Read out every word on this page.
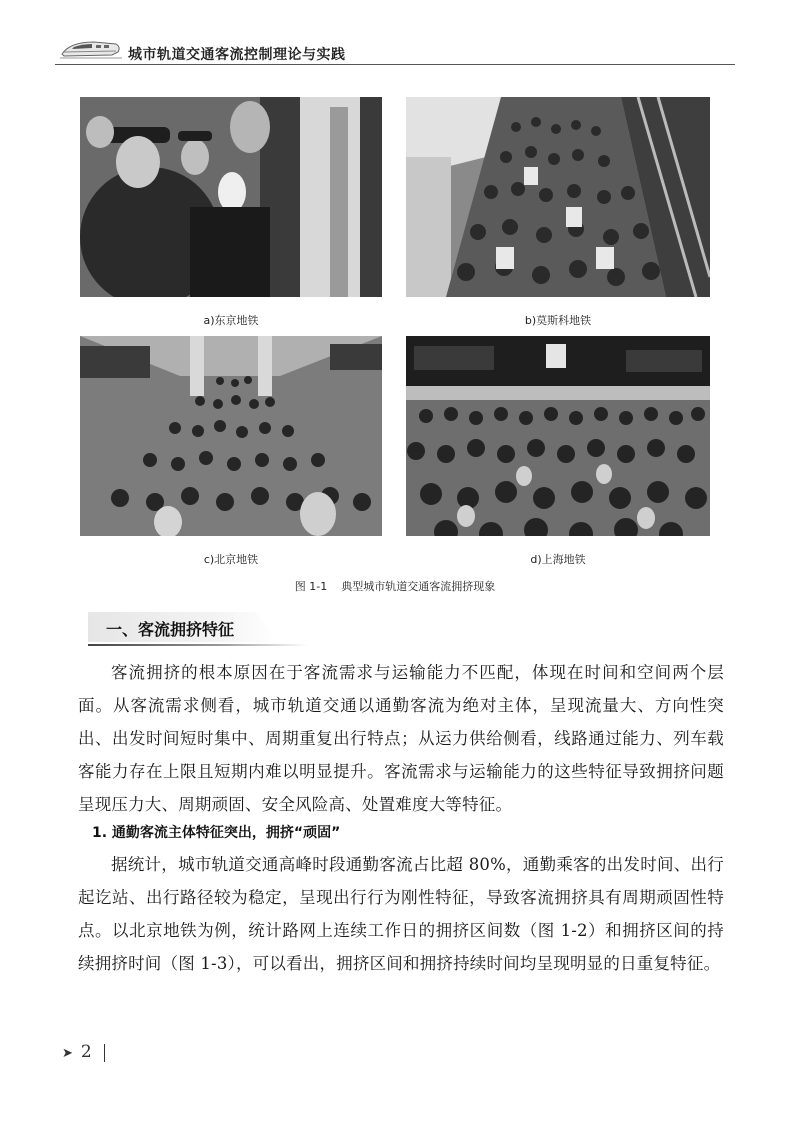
城市轨道交通客流控制理论与实践
a)东京地铁	b)莫斯科地铁
c)北京地铁	d)上海地铁
图 1-1 典型城市轨道交通客流拥挤现象
一、客流拥挤特征
客流拥挤的根本原因在于客流需求与运输能力不匹配，体现在时间和空间两个层面。从客流需求侧看，城市轨道交通以通勤客流为绝对主体，呈现流量大、方向性突出、出发时间短时集中、周期重复出行特点；从运力供给侧看，线路通过能力、列车载客能力存在上限且短期内难以明显提升。客流需求与运输能力的这些特征导致拥挤问题呈现压力大、周期顽固、安全风险高、处置难度大等特征。
1. 通勤客流主体特征突出，拥挤“顽固”
据统计，城市轨道交通高峰时段通勤客流占比超 80%，通勤乘客的出发时间、出行起讫站、出行路径较为稳定，呈现出行行为刚性特征，导致客流拥挤具有周期顽固性特点。以北京地铁为例，统计路网上连续工作日的拥挤区间数（图 1-2）和拥挤区间的持续拥挤时间（图 1-3），可以看出，拥挤区间和拥挤持续时间均呈现明显的日重复特征。
➤ 2
